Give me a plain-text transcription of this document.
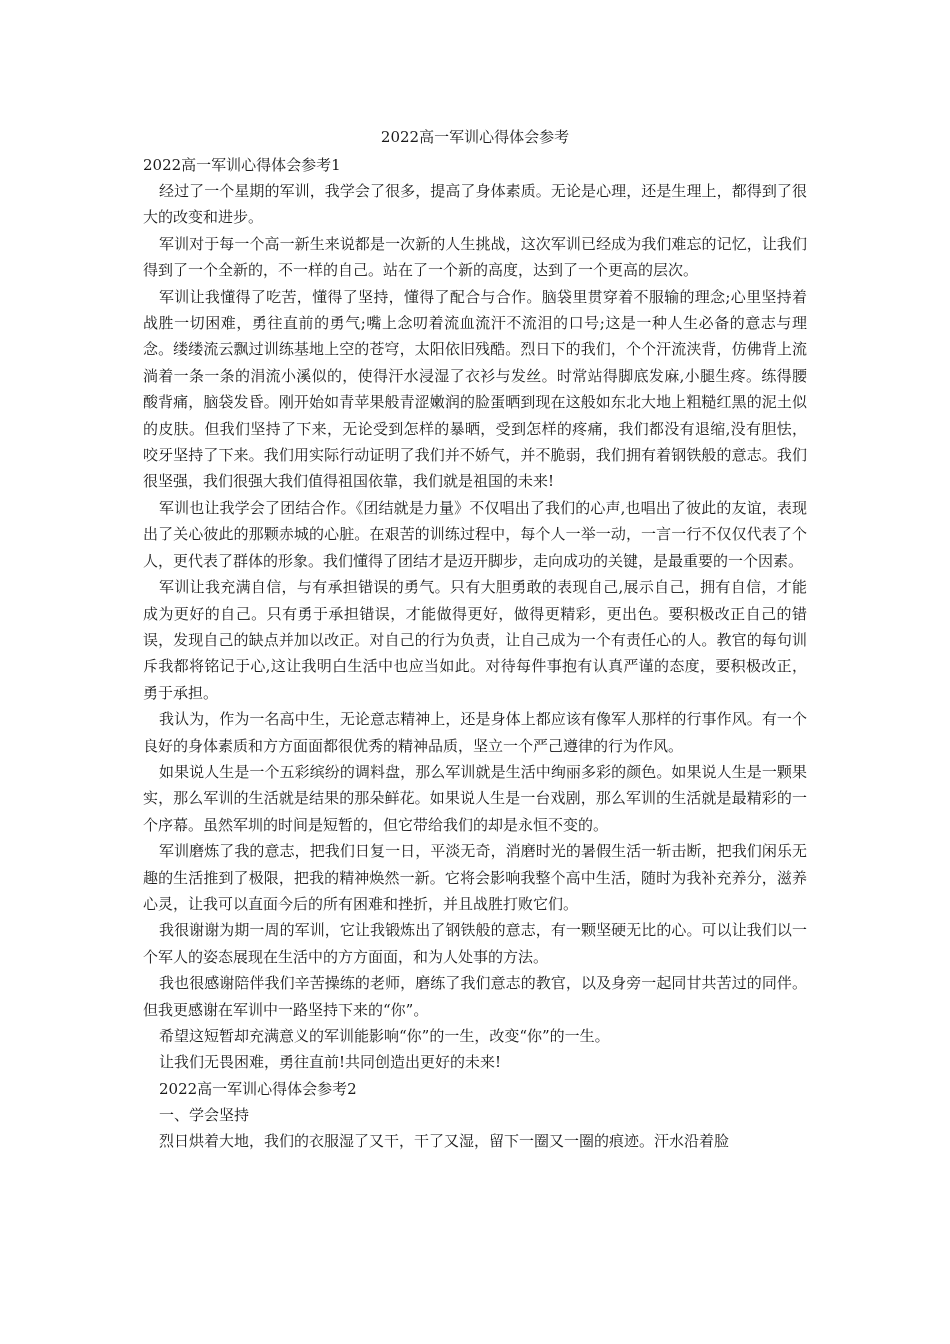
2022高一军训心得体会参考

2022高一军训心得体会参考1

经过了一个星期的军训，我学会了很多，提高了身体素质。无论是心理，还是生理上，都得到了很大的改变和进步。

军训对于每一个高一新生来说都是一次新的人生挑战，这次军训已经成为我们难忘的记忆，让我们得到了一个全新的，不一样的自己。站在了一个新的高度，达到了一个更高的层次。

军训让我懂得了吃苦，懂得了坚持，懂得了配合与合作。脑袋里贯穿着不服输的理念;心里坚持着战胜一切困难，勇往直前的勇气;嘴上念叨着流血流汗不流泪的口号;这是一种人生必备的意志与理念。缕缕流云飘过训练基地上空的苍穹，太阳依旧残酷。烈日下的我们，个个汗流浃背，仿佛背上流淌着一条一条的涓流小溪似的，使得汗水浸湿了衣衫与发丝。时常站得脚底发麻,小腿生疼。练得腰酸背痛，脑袋发昏。刚开始如青苹果般青涩嫩润的脸蛋晒到现在这般如东北大地上粗糙红黑的泥土似的皮肤。但我们坚持了下来，无论受到怎样的暴晒，受到怎样的疼痛，我们都没有退缩,没有胆怯，咬牙坚持了下来。我们用实际行动证明了我们并不娇气，并不脆弱，我们拥有着钢铁般的意志。我们很坚强，我们很强大我们值得祖国依靠，我们就是祖国的未来!

军训也让我学会了团结合作。《团结就是力量》不仅唱出了我们的心声,也唱出了彼此的友谊，表现出了关心彼此的那颗赤城的心脏。在艰苦的训练过程中，每个人一举一动，一言一行不仅仅代表了个人，更代表了群体的形象。我们懂得了团结才是迈开脚步，走向成功的关键，是最重要的一个因素。

军训让我充满自信，与有承担错误的勇气。只有大胆勇敢的表现自己,展示自己，拥有自信，才能成为更好的自己。只有勇于承担错误，才能做得更好，做得更精彩，更出色。要积极改正自己的错误，发现自己的缺点并加以改正。对自己的行为负责，让自己成为一个有责任心的人。教官的每句训斥我都将铭记于心,这让我明白生活中也应当如此。对待每件事抱有认真严谨的态度，要积极改正，勇于承担。

我认为，作为一名高中生，无论意志精神上，还是身体上都应该有像军人那样的行事作风。有一个良好的身体素质和方方面面都很优秀的精神品质，坚立一个严己遵律的行为作风。

如果说人生是一个五彩缤纷的调料盘，那么军训就是生活中绚丽多彩的颜色。如果说人生是一颗果实，那么军训的生活就是结果的那朵鲜花。如果说人生是一台戏剧，那么军训的生活就是最精彩的一个序幕。虽然军圳的时间是短暂的，但它带给我们的却是永恒不变的。

军训磨炼了我的意志，把我们日复一日，平淡无奇，消磨时光的暑假生活一斩击断，把我们闲乐无趣的生活推到了极限，把我的精神焕然一新。它将会影响我整个高中生活，随时为我补充养分，滋养心灵，让我可以直面今后的所有困难和挫折，并且战胜打败它们。

我很谢谢为期一周的军训，它让我锻炼出了钢铁般的意志，有一颗坚硬无比的心。可以让我们以一个军人的姿态展现在生活中的方方面面，和为人处事的方法。

我也很感谢陪伴我们辛苦操练的老师，磨练了我们意志的教官，以及身旁一起同甘共苦过的同伴。但我更感谢在军训中一路坚持下来的“你”。

希望这短暂却充满意义的军训能影响“你”的一生，改变“你”的一生。

让我们无畏困难，勇往直前!共同创造出更好的未来!

2022高一军训心得体会参考2

一、学会坚持

烈日烘着大地，我们的衣服湿了又干，干了又湿，留下一圈又一圈的痕迹。汗水沿着脸
